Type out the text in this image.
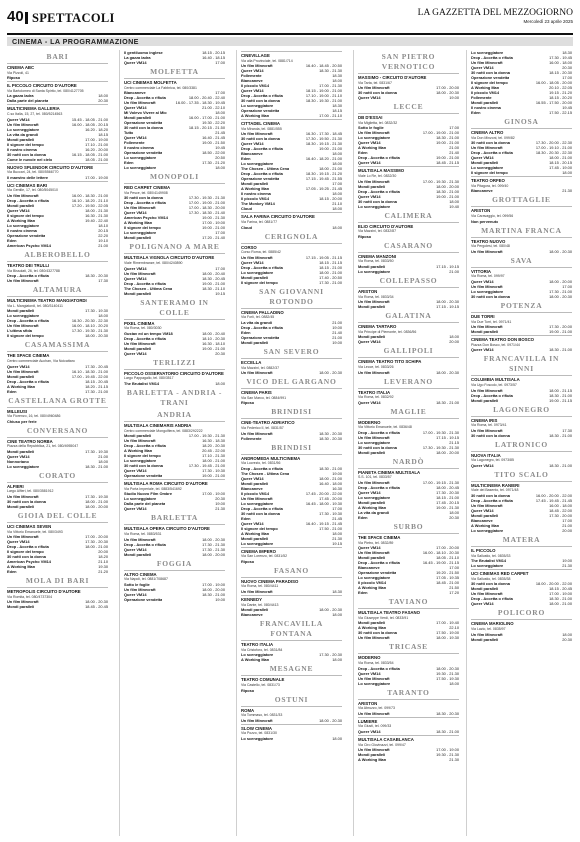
40 SPETTACOLI	LA GAZZETTA DEL MEZZOGIORNO
Mercoledì 23 aprile 2025
CINEMA - LA PROGRAMMAZIONE
BARI
CINEMA ABC
Via Pizzoli, 41
Riposo
IL PICCOLO CIRCUITO D'AUTORE
Via Bartolomeo di Santa Spirito, tel. 080/4127705
La gazza ladra	18.00
Dalla parte del pianeta	20.30
MULTICINEMA GALLERIA
C.so Italia, 15, 27, tel. 080/5214563
Queer VM14	15.45 - 18.05 - 21.00
Un film Minecraft	16.00 - 18.05 - 20.15
Lo sceneggiatore	16.20 - 18.20
La vita da grandi	18.15
Mondi paralleli	17.00 - 19.00
Il signore del tempo	17.10 - 21.00
Il nostro cinema	16.20 - 20.00
30 notti con la donna	16.15 - 18.05 - 21.00
Come le nuvole nel cielo	18.05 - 21.00
NUOVO SPLENDOR CIRCUITO D'AUTORE
Via Buccari, 24, tel. 080/5566770
Il maestro delle lettere	17.00 - 19.00
UCI CINEMAS BARI
Via Gentile, 17, tel. 080/5045010
Un film Minecraft	16.00 - 18.30 - 21.00
Drop - Accetta o rifiuta	16.10 - 18.20 - 21.10
Mondi paralleli	17.20 - 19.50 - 22.05
Queer VM14	18.00 - 21.30
Il signore del tempo	16.30 - 21.30
A Working Man	19.40 - 22.40
Lo sceneggiatore	18.10
Il nostro cinema	20.15
Operazione vendetta	22.20
Eden	19.10
American Psycho VM14	21.00
ALBEROBELLO
TEATRO DEI TRULLI
Via Bissolati, 26, tel. 080/4327788
Drop - Accetta o rifiuta	18.30 - 20.30
Un film Minecraft	17.30
ALTAMURA
MULTICINEMA TEATRO MANGIATORDI
Via L. Mangiatordi, tel. 080/3140411
Mondi paralleli	17.30 - 19.30
Lo sceneggiatore	18.00
Drop - Accetta o rifiuta	16.30 - 20.30 - 22.30
Un film Minecraft	16.00 - 18.10 - 20.20
L'ultima sfida	17.30 - 19.30 - 21.30
Il signore del tempo	18.00 - 20.30
CASAMASSIMA
THE SPACE CINEMA
Centro commerciale Auchan, Via Noicattaro
Queer VM14	17.30 - 20.45
Un film Minecraft	16.10 - 18.30 - 21.00
Mondi paralleli	17.00 - 19.45 - 22.00
Drop - Accetta o rifiuta	18.15 - 20.45
A Working Man	18.20 - 21.15
Eden	17.30 - 21.00
CASTELLANA GROTTE
MILLEUSI
Via Fiorenzo, 16, tel. 080/4960486
Chiuso per ferie
CONVERSANO
CINE TEATRO NORBA
Piazza della Repubblica, 21, tel. 080/4955047
Mondi paralleli	17.30 - 19.30
Queer VM14	21.00
Nonnoriano	18.00
Lo sceneggiatore	18.30 - 21.00
CORATO
ALFIERI
Largo Alfieri, tel. 080/3581912
Un film Minecraft	17.30 - 19.30
30 notti con la donna	18.00 - 21.00
Mondi paralleli	18.00 - 20.00
GIOIA DEL COLLE
UCI CINEMAS SEVEN
Via Vittorio Emanuele, tel. 080/3493
Un film Minecraft	17.00 - 20.00
Queer VM14	17.30 - 20.30
Drop - Accetta o rifiuta	18.00 - 21.00
Il signore del tempo	20.00
30 notti con la donna	18.20
American Psycho VM14	21.10
A Working Man	19.30
Eden	21.20
MOLA DI BARI
METROPOLIS CIRCUITO D'AUTORE
Via Romita, tel. 080/4737304
Un film Minecraft	18.00 - 20.30
Mondi paralleli	18.45 - 20.45
Il gentiluomo inglese	18.15 - 20.15
La gazza ladra	16.40 - 18.15
Queer VM14	17.00
MOLFETTA
UCI CINEMAS MOLFETTA
Centro commerciale La Fabbrica, tel. 080/3381
Biancaneve	17.00
Drop - Accetta o rifiuta	18.00 - 20.40 - 22.40
Un film Minecraft	16.00 - 17.35 - 18.30 - 19.45
Queer VM14	21.00 - 22.10
Mi Volevo Vivere al Mio	18.00
Mondi paralleli	16.00 - 17.00 - 21.00
Operazione vendetta	19.30 - 22.20
30 notti con la donna	18.15 - 20.15 - 21.50
Tutto	21.45
Queer VM14	16.40 - 21.45
Follemente	19.00 - 21.50
Il nostro cinema	19.45
Operazione vendetta	18.50 - 22.00
Lo sceneggiatore	20.50
Eden	17.30 - 21.20
Lo sceneggiatore	18.00
MONOPOLI
RED CARPET CINEMA
Via Pesce, tel. 080/4149908
30 notti con la donna	17.30 - 19.30 - 21.30
Drop - Accetta o rifiuta	17.00 - 19.00 - 21.00
Un film Minecraft	17.00 - 18.30 - 20.00
Queer VM14	17.30 - 18.30 - 21.40
American Psycho VM14	19.00 - 21.30
A Working Man	17.00 - 19.00
Il signore del tempo	19.00 - 21.00
Lo sceneggiatore	17.00
Mondi paralleli	17.20 - 21.40
POLIGNANO A MARE
MULTISALA VIGNOLA CIRCUITO D'AUTORE
Viale Rimembranze, tel. 080/4240890
Queer VM14	17.00
Un film Minecraft	18.00 - 20.40
Queer VM14	18.30 - 20.45
Drop - Accetta o rifiuta	19.00 - 21.00
The Chosen - Ultima Cena	18.30 - 21.10
Mondi paralleli	19.15
SANTERAMO IN COLLE
PIXEL CINEMA
Via Roma, tel. 080/3030
Gustav ed un tempo VM18	18.00 - 20.40
Drop - Accetta o rifiuta	18.10 - 20.30
Un film Minecraft	16.30 - 18.10
Mondi paralleli	19.00 - 21.00
Queer VM14	20.30
TERLIZZI
PICCOLO OSSERVATORIO CIRCUITO D'AUTORE
Largo Pappagallo, tel. 080/3517
The Brutalist VM14	18.00
BARLETTA - ANDRIA - TRANI
ANDRIA
MULTISALA CINEMARIS ANDRIA
Centro commerciale Mongolfiera, tel. 0883/292222
Mondi paralleli	17.00 - 19.30 - 21.30
Un film Minecraft	16.30 - 18.30
Drop - Accetta o rifiuta	18.20 - 20.30
A Working Man	20.45 - 22.00
Il signore del tempo	17.10 - 21.30
Lo sceneggiatore	18.00 - 21.00
30 notti con la donna	17.30 - 19.45 - 21.00
Queer VM14	17.30 - 19.30
Operazione vendetta	19.00 - 21.00
MULTISALA ROMA CIRCUITO D'AUTORE
Via Porta Imperiale, tel. 0883/541692
Studio Nuovo Film Ombre	17.00 - 19.00
Lo sceneggiatore	20.30
Dalla parte del pianeta	19.00
Queer VM14	21.30
BARLETTA
MULTISALA OPERA CIRCUITO D'AUTORE
Via Roma, tel. 0883/531
Un film Minecraft	18.00 - 20.30
Drop - Accetta o rifiuta	17.30 - 21.30
Queer VM14	17.30 - 21.30
Mondi paralleli	18.00 - 20.00
FOGGIA
ALTRO CINEMA
Via Napoli, tel. 0881/708687
Sotto le foglie	17.00 - 19.00
Un film Minecraft	18.00 - 20.00
Queer VM14	18.30 - 21.00
Operazione vendetta	19.00
CINEVILLAGE
Via alla Provinciale, tel. 0881/714
Un film Minecraft	16.40 - 18.45 - 20.50
Queer VM14	18.30 - 21.30
Follemente	18.30
Biancaneve	18.00
Il piccolo VM14	17.00 - 21.30
Queer VM14	18.15 - 19.00 - 21.00
Drop - Accetta o rifiuta	17.10 - 19.00 - 21.10
30 notti con la donna	18.30 - 19.30 - 21.00
Lo sceneggiatore	18.30
Operazione vendetta	18.15
A Working Man	17.00 - 21.10
CITTADEL CINEMA
Via Miranda, tel. 0881/555
Un film Minecraft	16.30 - 17.30 - 18.45
30 notti con la donna	17.30 - 19.50 - 21.30
Queer VM14	18.30 - 19.15 - 21.30
Drop - Accetta o rifiuta	19.00 - 21.00
Biancaneve	18.00
Eden	16.40 - 18.20 - 21.00
Lo sceneggiatore	18.00
The Chosen - Ultima Cena	18.00 - 21.00
Drop - Accetta o rifiuta	18.30 - 19.15 - 21.20
Operazione vendetta	17.15 - 19.45 - 21.55
Mondi paralleli	17.00
A Working Man	17.05 - 19.25 - 21.45
Il nostro cinema	18.00
Il piccolo VM14	18.15 - 20.00
The Monkey VM14	21.10
Cloud	18.00
SALA FARINA CIRCUITO D'AUTORE
Via Farina, tel. 0881/77
Cloud	18.00
CERIGNOLA
CORSO
Corso Roma, tel. 0885/42
Un film Minecraft	17.15 - 19.05 - 21.15
Queer VM14	18.15 - 21.15
Drop - Accetta o rifiuta	18.15 - 21.00
Lo sceneggiatore	18.00 - 21.00
Mondi paralleli	17.40 - 20.50
Il signore del tempo	17.30 - 21.00
SAN GIOVANNI ROTONDO
CINEMA PALLADINO
Via Forlì, tel. 0882/45
La vita da grandi	21.00
Drop - Accetta o rifiuta	19.00
Eden	21.40
Operazione vendetta	21.00
Mondi paralleli	19.00
SAN SEVERO
ECCELLA
Via Mazzini, tel. 0882/37
Un film Minecraft	18.00 - 20.30
VICO DEL GARGANO
CINEMA PARIS
Via San Marco, tel. 0884/991
Riposo
BRINDISI
CINE-TEATRO ADRIATICO
Via Federico II, tel. 0831/57
Un film Minecraft	18.30 - 20.30
Follemente	18.30 - 20.30
BRINDISI
ANDROMEDA MULTICINEMA
Via Lucrezio, tel. 0831/56
Drop - Accetta o rifiuta	18.30 - 21.00
The Chosen - Ultima Cena	19.00
Queer VM14	18.00 - 21.00
Mondi paralleli	16.40 - 18.00
Biancaneve	16.30
Il piccolo VM14	17.45 - 20.00 - 22.00
Un film Minecraft	17.45 - 20.00
Lo sceneggiatore	16.45 - 18.00 - 19.30
Drop - Accetta o rifiuta	17.00
30 notti con la donna	17.30 - 19.30
Eden	21.45
Queer VM14	16.40 - 19.15 - 21.45
Il signore del tempo	17.50 - 21.00
A Working Man	18.00
Mondi paralleli	21.30
Lo sceneggiatore	19.15
CINEMA IMPERO
Via San Lorenzo, tel. 0831/52
Riposo
FASANO
NUOVO CINEMA PARADISO
Via Roma, tel. 080/4411
Un film Minecraft	18.30
KENNEDY
Via Dante, tel. 080/4413
Mondi paralleli	18.00 - 20.30
Biancaneve	18.00
FRANCAVILLA FONTANA
TEATRO ITALIA
Via Cristoforo, tel. 0831/84
Lo sceneggiatore	17.30 - 20.30
A Working Man	18.00
MESAGNE
TEATRO COMUNALE
Via Castello, tel. 0831/73
Riposo
OSTUNI
ROMA
Via Tommaso, tel. 0831/33
Un film Minecraft	18.00 - 20.30
SLOW CINEMA
Via Pozzo, tel. 0831/30
Lo sceneggiatore	18.00
SAN PIETRO VERNOTICO
MASSIMO - CIRCUITO D'AUTORE
Via Tarta, tel. 0831/67
Un film Minecraft	17.00 - 20.00
30 notti con la donna	18.00 - 20.30
Queer VM14	19.00
LECCE
DB D'ESSAI
Via Miglietta, tel. 0832/32
Sotto le foglie	17.00
Un film Minecraft	17.00 - 19.00 - 21.00
Lo sceneggiatore	18.30 - 21.00
Queer VM14	19.00 - 21.00
A Working Man	21.00
Eden	21.40
Drop - Accetta o rifiuta	19.00 - 21.00
Queer VM14	18.45 - 21.15
MULTISALA MASSIMO
Viale Lo Re, tel. 0832/30
Un film Minecraft	17.00 - 19.30 - 21.30
Mondi paralleli	18.00 - 20.00
Drop - Accetta o rifiuta	18.30 - 21.00
Queer VM14	19.00 - 21.00
30 notti con la donna	18.00
Lo sceneggiatore	19.40
CALIMERA
ELIO CIRCUITO D'AUTORE
Via Mazzini, tel. 0832/87
Riposo
CASARANO
CINEMA MANZONI
Via Roma, tel. 0833/50
Mondi paralleli	17.15 - 19.15
Lo sceneggiatore	21.00
COLLEPASSO
ARISTON
Via Roma, tel. 0833/34
Un film Minecraft	18.00 - 20.30
Mondi paralleli	17.15 - 19.15
GALATINA
CINEMA TARTARO
Via Principe di Piemonte, tel. 0836/56
Mondi paralleli	18.00
Queer VM14	20.00
GALLIPOLI
CINEMA TEATRO TITO SCHIPA
Via Lecce, tel. 0833/26
Un film Minecraft	18.00 - 20.30
LEVERANO
TEATRO ITALIA
Via Roma, tel. 0832/92
Queer VM14	18.30 - 21.00
MAGLIE
MODERNO
Via Vittorio Emanuele, tel. 0836/48
Drop - Accetta o rifiuta	17.00 - 19.30 - 21.30
Un film Minecraft	17.15 - 19.15
Lo sceneggiatore	21.15
30 notti con la donna	17.30 - 19.30 - 21.30
Mondi paralleli	18.00 - 20.00
NARDÒ
PIANETA CINEMA MULTISALA
S.S. 101, tel. 0833/57
Un film Minecraft	17.00 - 19.15 - 21.30
Drop - Accetta o rifiuta	18.00 - 20.45
Queer VM14	17.30 - 20.30
Lo sceneggiatore	18.15 - 21.00
Mondi paralleli	17.45 - 20.15
A Working Man	19.00 - 21.30
La vita da grandi	18.00
Eden	20.30
SURBO
THE SPACE CINEMA
Via Pietro, tel. 0832/89
Queer VM14	17.00 - 20.00
Un film Minecraft	16.00 - 18.10 - 20.30
Mondi paralleli	18.05 - 21.10
Drop - Accetta o rifiuta	16.45 - 19.00 - 21.15
Biancaneve	17.00
Operazione vendetta	19.20 - 21.50
Lo sceneggiatore	17.05 - 19.35
Il piccolo VM14	18.45 - 21.00
A Working Man	21.50
Eden	17.20
TAVIANO
MULTISALA TEATRO FASANO
Via Giuseppe Verdi, tel. 0833/91
Mondi paralleli	17.00 - 19.40
A Working Man	22.10
30 notti con la donna	17.50 - 19.00
Un film Minecraft	18.00 - 19.30
TRICASE
MODERNO
Via Roma, tel. 0833/54
Drop - Accetta o rifiuta	18.00 - 20.30
Queer VM14	19.30 - 21.30
Un film Minecraft	17.50 - 19.30
Lo sceneggiatore	18.00
TARANTO
ARISTON
Via Abruzzo, tel. 099/73
Un film Minecraft	18.30 - 20.30
LUMIERE
Via Giusti, tel. 099/33
Queer VM14	18.30 - 21.00
MULTISALA CASABLANCA
Via Ciro Giovinazzi, tel. 099/47
Un film Minecraft	17.00 - 19.00
Mondi paralleli	19.30 - 21.30
A Working Man	21.30
Lo sceneggiatore	18.30
Drop - Accetta o rifiuta	17.30 - 19.45
Un film Minecraft	16.00 - 18.00
Queer VM14	20.30
30 notti con la donna	18.15 - 20.30
Operazione vendetta	17.00
Il signore del tempo	16.00 - 18.05 - 20.00
A Working Man	20.10 - 22.05
Il piccolo VM14	19.15 - 21.20
Follemente	18.15 - 20.20
Mondi paralleli	16.55 - 17.50 - 20.00
Il nostro cinema	19.45
Eden	17.50 - 22.15
GINOSA
CINEMA ALTRO
Via Don Minzoni, tel. 099/82
30 notti con la donna	17.30 - 20.00 - 22.30
Un film Minecraft	17.00 - 19.10 - 21.00
Drop - Accetta o rifiuta	18.30 - 20.30 - 22.30
Queer VM14	18.00 - 21.00
Mondi paralleli	18.15 - 20.15
Lo sceneggiatore	17.45 - 19.00
Il signore del tempo	18.00
TEATRO ORFEO
Via Pitagora, tel. 099/40
Biancaneve	21.30
GROTTAGLIE
ARISTON
Via Caravaggio, tel. 099/56
Non pervenuto
MARTINA FRANCA
TEATRO NUOVO
Via Pergolesi, tel. 080/48
Un film Minecraft	18.00 - 20.30
SAVA
VITTORIA
Via Roma, tel. 099/97
Queer VM14	18.00 - 20.00
Un film Minecraft	17.00
Lo sceneggiatore	17.30 - 21.00
30 notti con la donna	18.00 - 20.30
POTENZA
DUE TORRI
Via Due Torri, tel. 0971/41
Un film Minecraft	17.30 - 20.00
Mondi paralleli	19.00 - 21.00
CINEMA TEATRO DON BOSCO
Piazza Don Bosco, tel. 0971/44
Queer VM14	18.30 - 21.00
FRANCAVILLA IN SINNI
COLUMBIA MULTISALA
Via Ugo Foscolo, tel. 0973/57
Un film Minecraft	18.00 - 21.15
Drop - Accetta o rifiuta	18.30 - 21.00
Mondi paralleli	19.00 - 21.15
LAGONEGRO
CINEMA IRIS
Via Roma, tel. 0973/41
Un film Minecraft	17.30
30 notti con la donna	18.30 - 21.00
LATRONICO
NUOVA ITALIA
Via Lagonegro, tel. 0973/85
Queer VM14	18.30 - 21.00
TITO SCALO
MULTICINEMA RANIERI
Viale del Basento, tel. 0971/48
30 notti con la donna	16.00 - 20.00 - 22.00
Drop - Accetta o rifiuta	17.45 - 19.45 - 21.45
Un film Minecraft	16.00 - 18.00
Queer VM14	18.45 - 22.00
Mondi paralleli	17.30 - 20.00
Biancaneve	17.00
A Working Man	21.00
Lo sceneggiatore	20.00
MATERA
IL PICCOLO
Via Sallustio, tel. 0835/33
The Brutalist VM14	19.00
Lo sceneggiatore	21.30
UCI CINEMAS RED CARPET
Via Sallustio, tel. 0835/38
30 notti con la donna	18.00 - 20.00 - 22.00
Mondi paralleli	18.15 - 20.45
Un film Minecraft	17.00 - 19.00
Drop - Accetta o rifiuta	18.30 - 21.00
Queer VM14	18.00 - 21.00
POLICORO
CINEMA MARIOLINO
Via Lazio, tel. 0835/97
Un film Minecraft	18.00
Mondi paralleli	20.30
